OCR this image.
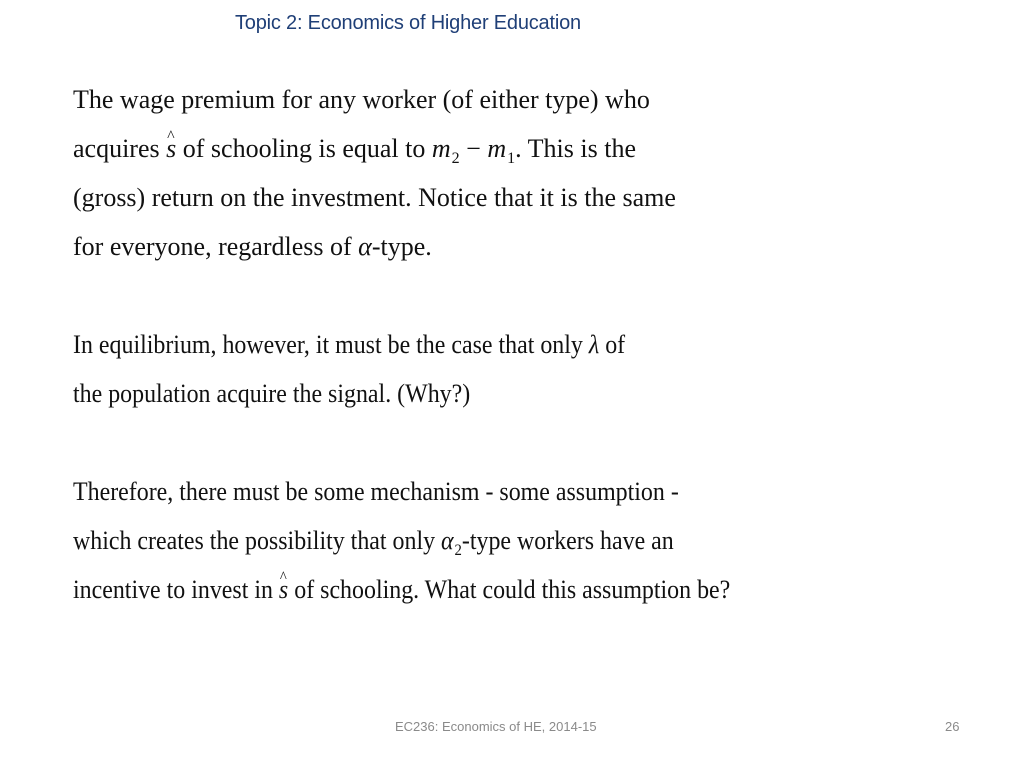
Topic 2: Economics of Higher Education
The wage premium for any worker (of either type) who
acquires ^ s of schooling is equal to $m_2 - m_1$. This is the
(gross) return on the investment. Notice that it is the same
for everyone, regardless of α-type.
In equilibrium, however, it must be the case that only λ of
the population acquire the signal. (Why?)
Therefore, there must be some mechanism - some assumption -
which creates the possibility that only $\alpha_2$-type workers have an
incentive to invest in ^ s of schooling. What could this assumption be?
EC236: Economics of HE, 2014-15	26
